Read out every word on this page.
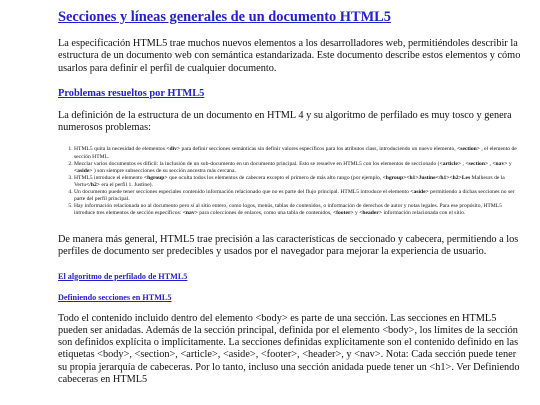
Secciones y líneas generales de un documento HTML5

La especificación HTML5 trae muchos nuevos elementos a los desarrolladores web, permitiéndoles describir la estructura de un documento web con semántica estandarizada. Este documento describe estos elementos y cómo usarlos para definir el perfil de cualquier documento.

Problemas resueltos por HTML5

La definición de la estructura de un documento en HTML 4 y su algoritmo de perfilado es muy tosco y genera numerosos problemas:

1. HTML5 quita la necesidad de elementos <div> para definir secciones semánticas sin definir valores específicos para los atributos class, introduciendo un nuevo elemento, <section> , el elemento de sección HTML.
2. Mezclar varios documentos es difícil: la inclusión de un sub-documento en un documento principal. Esto se resuelve en HTML5 con los elementos de seccionado (<article> , <section> , <nav> y <aside> ) son siempre subsecciones de su sección ancestra más cercana.
3. HTML5 introduce el elemento <hgroup> que oculta todos los elementos de cabecera excepto el primero de más alto rango (por ejemplo, <hgroup><h1>Justine</h1><h2>Les Malheurs de la Vertu</h2> era el perfil 1. Justine).
4. Un documento puede tener secciones especiales contenido información relacionado que no es parte del flujo principal. HTML5 introduce el elemento <aside> permitiendo a dichas secciones no ser parte del perfil principal.
5. Hay información relacionada no al documento pero sí al sitio entero, como logos, menús, tablas de contenidos, o información de derechos de autor y notas legales. Para ese propósito, HTML5 introduce tres elementos de sección específicos: <nav> para colecciones de enlaces, como una tabla de contenidos, <footer> y <header> información relacionada con el sitio.

De manera más general, HTML5 trae precisión a las características de seccionado y cabecera, permitiendo a los perfiles de documento ser predecibles y usados por el navegador para mejorar la experiencia de usuario.

El algoritmo de perfilado de HTML5
Definiendo secciones en HTML5

Todo el contenido incluido dentro del elemento <body> es parte de una sección. Las secciones en HTML5 pueden ser anidadas. Además de la sección principal, definida por el elemento <body>, los límites de la sección son definidos explícita o implícitamente. La secciones definidas explícitamente son el contenido definido en las etiquetas <body>, <section>, <article>, <aside>, <footer>, <header>, y <nav>. Nota: Cada sección puede tener su propia jerarquía de cabeceras. Por lo tanto, incluso una sección anidada puede tener un <h1>. Ver Definiendo cabeceras en HTML5
